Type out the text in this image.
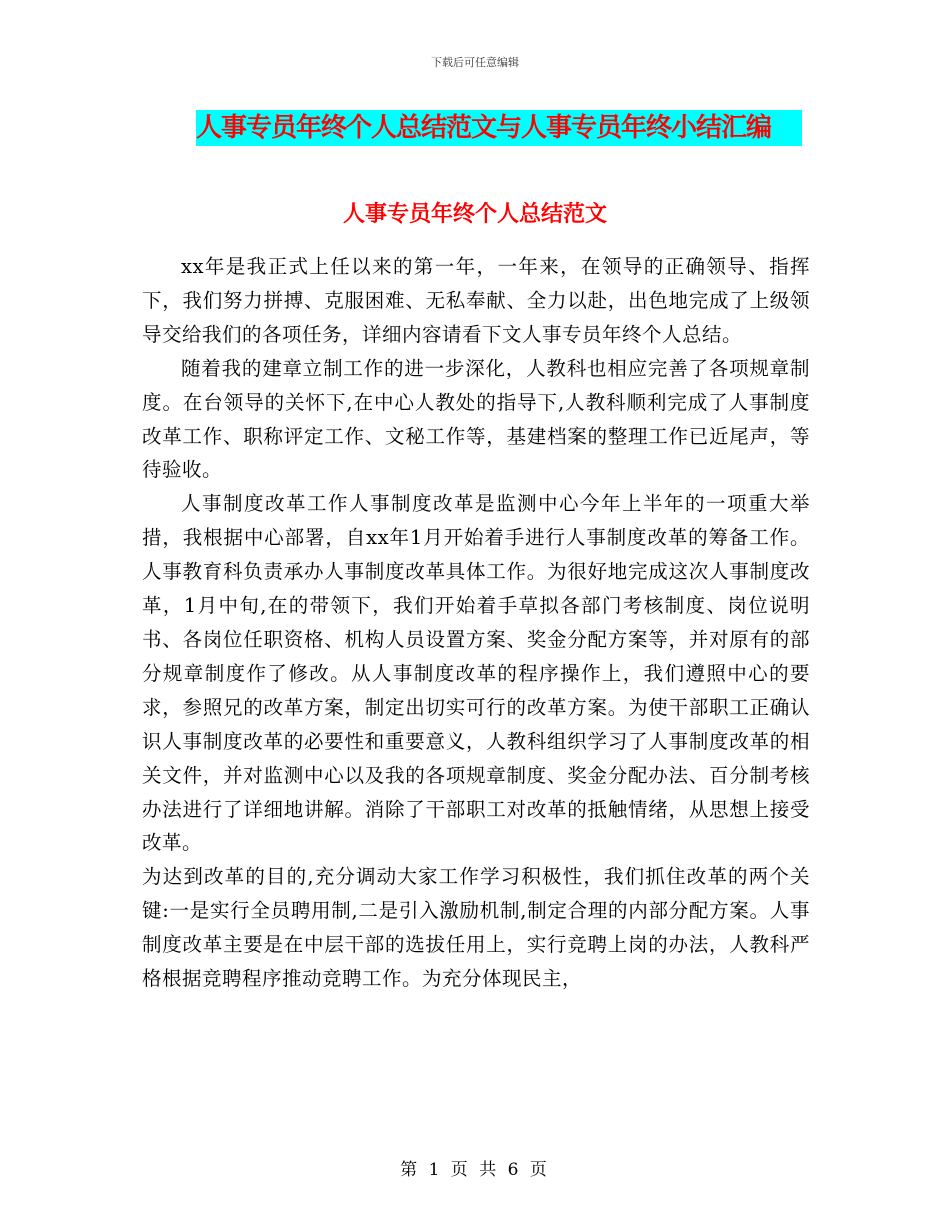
下载后可任意编辑
人事专员年终个人总结范文与人事专员年终小结汇编
人事专员年终个人总结范文

xx年是我正式上任以来的第一年，一年来，在领导的正确领导、指挥下，我们努力拼搏、克服困难、无私奉献、全力以赴，出色地完成了上级领导交给我们的各项任务，详细内容请看下文人事专员年终个人总结。

随着我的建章立制工作的进一步深化，人教科也相应完善了各项规章制度。在台领导的关怀下,在中心人教处的指导下,人教科顺利完成了人事制度改革工作、职称评定工作、文秘工作等，基建档案的整理工作已近尾声，等待验收。

人事制度改革工作人事制度改革是监测中心今年上半年的一项重大举措，我根据中心部署，自xx年1月开始着手进行人事制度改革的筹备工作。人事教育科负责承办人事制度改革具体工作。为很好地完成这次人事制度改革，1月中旬,在的带领下，我们开始着手草拟各部门考核制度、岗位说明书、各岗位任职资格、机构人员设置方案、奖金分配方案等，并对原有的部分规章制度作了修改。从人事制度改革的程序操作上，我们遵照中心的要求，参照兄的改革方案，制定出切实可行的改革方案。为使干部职工正确认识人事制度改革的必要性和重要意义，人教科组织学习了人事制度改革的相关文件，并对监测中心以及我的各项规章制度、奖金分配办法、百分制考核办法进行了详细地讲解。消除了干部职工对改革的抵触情绪，从思想上接受改革。

为达到改革的目的,充分调动大家工作学习积极性，我们抓住改革的两个关键:一是实行全员聘用制,二是引入激励机制,制定合理的内部分配方案。人事制度改革主要是在中层干部的选拔任用上，实行竞聘上岗的办法，人教科严格根据竞聘程序推动竞聘工作。为充分体现民主，

第 1 页 共 6 页
